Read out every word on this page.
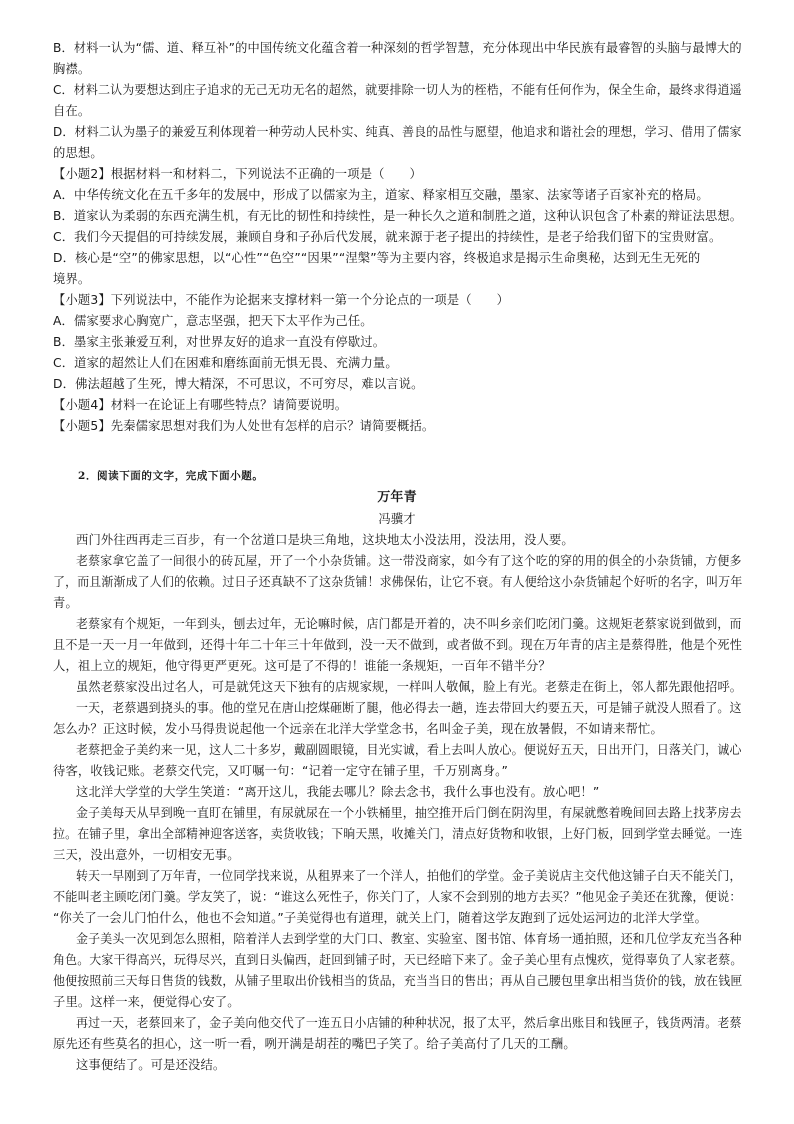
B．材料一认为“儒、道、释互补”的中国传统文化蕴含着一种深刻的哲学智慧，充分体现出中华民族有最睿智的头脑与最博大的

胸襟。

C．材料二认为要想达到庄子追求的无己无功无名的超然，就要排除一切人为的桎梏，不能有任何作为，保全生命，最终求得逍遥

自在。

D．材料二认为墨子的兼爱互利体现着一种劳动人民朴实、纯真、善良的品性与愿望，他追求和谐社会的理想，学习、借用了儒家

的思想。

【小题2】根据材料一和材料二，下列说法不正确的一项是（　　）

A．中华传统文化在五千多年的发展中，形成了以儒家为主，道家、释家相互交融，墨家、法家等诸子百家补充的格局。

B．道家认为柔弱的东西充满生机，有无比的韧性和持续性，是一种长久之道和制胜之道，这种认识包含了朴素的辩证法思想。

C．我们今天提倡的可持续发展，兼顾自身和子孙后代发展，就来源于老子提出的持续性，是老子给我们留下的宝贵财富。

D．核心是“空”的佛家思想，以“心性”“色空”“因果”“涅槃”等为主要内容，终极追求是揭示生命奥秘，达到无生无死的

境界。

【小题3】下列说法中，不能作为论据来支撑材料一第一个分论点的一项是（　　）

A．儒家要求心胸宽广，意志坚强，把天下太平作为己任。

B．墨家主张兼爱互利，对世界友好的追求一直没有停歇过。

C．道家的超然让人们在困难和磨练面前无惧无畏、充满力量。

D．佛法超越了生死，博大精深，不可思议，不可穷尽，难以言说。

【小题4】材料一在论证上有哪些特点？请简要说明。

【小题5】先秦儒家思想对我们为人处世有怎样的启示？请简要概括。

2．阅读下面的文字，完成下面小题。

万年青

冯骥才

西门外往西再走三百步，有一个岔道口是块三角地，这块地太小没法用，没法用，没人要。

老蔡家拿它盖了一间很小的砖瓦屋，开了一个小杂货铺。这一带没商家，如今有了这个吃的穿的用的俱全的小杂货铺，方便多

了，而且渐渐成了人们的依赖。过日子还真缺不了这杂货铺！求佛保佑，让它不衰。有人便给这小杂货铺起个好听的名字，叫万年

青。

老蔡家有个规矩，一年到头，刨去过年，无论嘛时候，店门都是开着的，决不叫乡亲们吃闭门羹。这规矩老蔡家说到做到，而

且不是一天一月一年做到，还得十年二十年三十年做到，没一天不做到，或者做不到。现在万年青的店主是蔡得胜，他是个死性

人，祖上立的规矩，他守得更严更死。这可是了不得的！谁能一条规矩，一百年不错半分？

虽然老蔡家没出过名人，可是就凭这天下独有的店规家规，一样叫人敬佩，脸上有光。老蔡走在街上，邻人都先跟他招呼。

一天，老蔡遇到挠头的事。他的堂兄在唐山挖煤砸断了腿，他必得去一趟，连去带回大约要五天，可是铺子就没人照看了。这

怎么办？正这时候，发小马得贵说起他一个远亲在北洋大学堂念书，名叫金子美，现在放暑假，不如请来帮忙。

老蔡把金子美约来一见，这人二十多岁，戴副圆眼镜，目光实诚，看上去叫人放心。便说好五天，日出开门，日落关门，诚心

待客，收钱记账。老蔡交代完，又叮嘱一句：“记着一定守在铺子里，千万别离身。”

这北洋大学堂的大学生笑道：“离开这儿，我能去哪儿？除去念书，我什么事也没有。放心吧！”

金子美每天从早到晚一直盯在铺里，有尿就尿在一个小铁桶里，抽空推开后门倒在阴沟里，有屎就憋着晚间回去路上找茅房去

拉。在铺子里，拿出全部精神迎客送客，卖货收钱；下晌天黑，收摊关门，清点好货物和收银，上好门板，回到学堂去睡觉。一连

三天，没出意外，一切相安无事。

转天一早刚到了万年青，一位同学找来说，从租界来了一个洋人，拍他们的学堂。金子美说店主交代他这铺子白天不能关门，

不能叫老主顾吃闭门羹。学友笑了，说：“谁这么死性子，你关门了，人家不会到别的地方去买？”他见金子美还在犹豫，便说：

“你关了一会儿门怕什么，他也不会知道。”子美觉得也有道理，就关上门，随着这学友跑到了远处运河边的北洋大学堂。

金子美头一次见到怎么照相，陪着洋人去到学堂的大门口、教室、实验室、图书馆、体育场一通拍照，还和几位学友充当各种

角色。大家干得高兴，玩得尽兴，直到日头偏西，赶回到铺子时，天已经暗下来了。金子美心里有点愧疚，觉得辜负了人家老蔡。

他便按照前三天每日售货的钱数，从铺子里取出价钱相当的货品，充当当日的售出；再从自己腰包里拿出相当货价的钱，放在钱匣

子里。这样一来，便觉得心安了。

再过一天，老蔡回来了，金子美向他交代了一连五日小店铺的种种状况，报了太平，然后拿出账目和钱匣子，钱货两清。老蔡

原先还有些莫名的担心，这一听一看，咧开满是胡茬的嘴巴子笑了。给子美高付了几天的工酬。

这事便结了。可是还没结。
